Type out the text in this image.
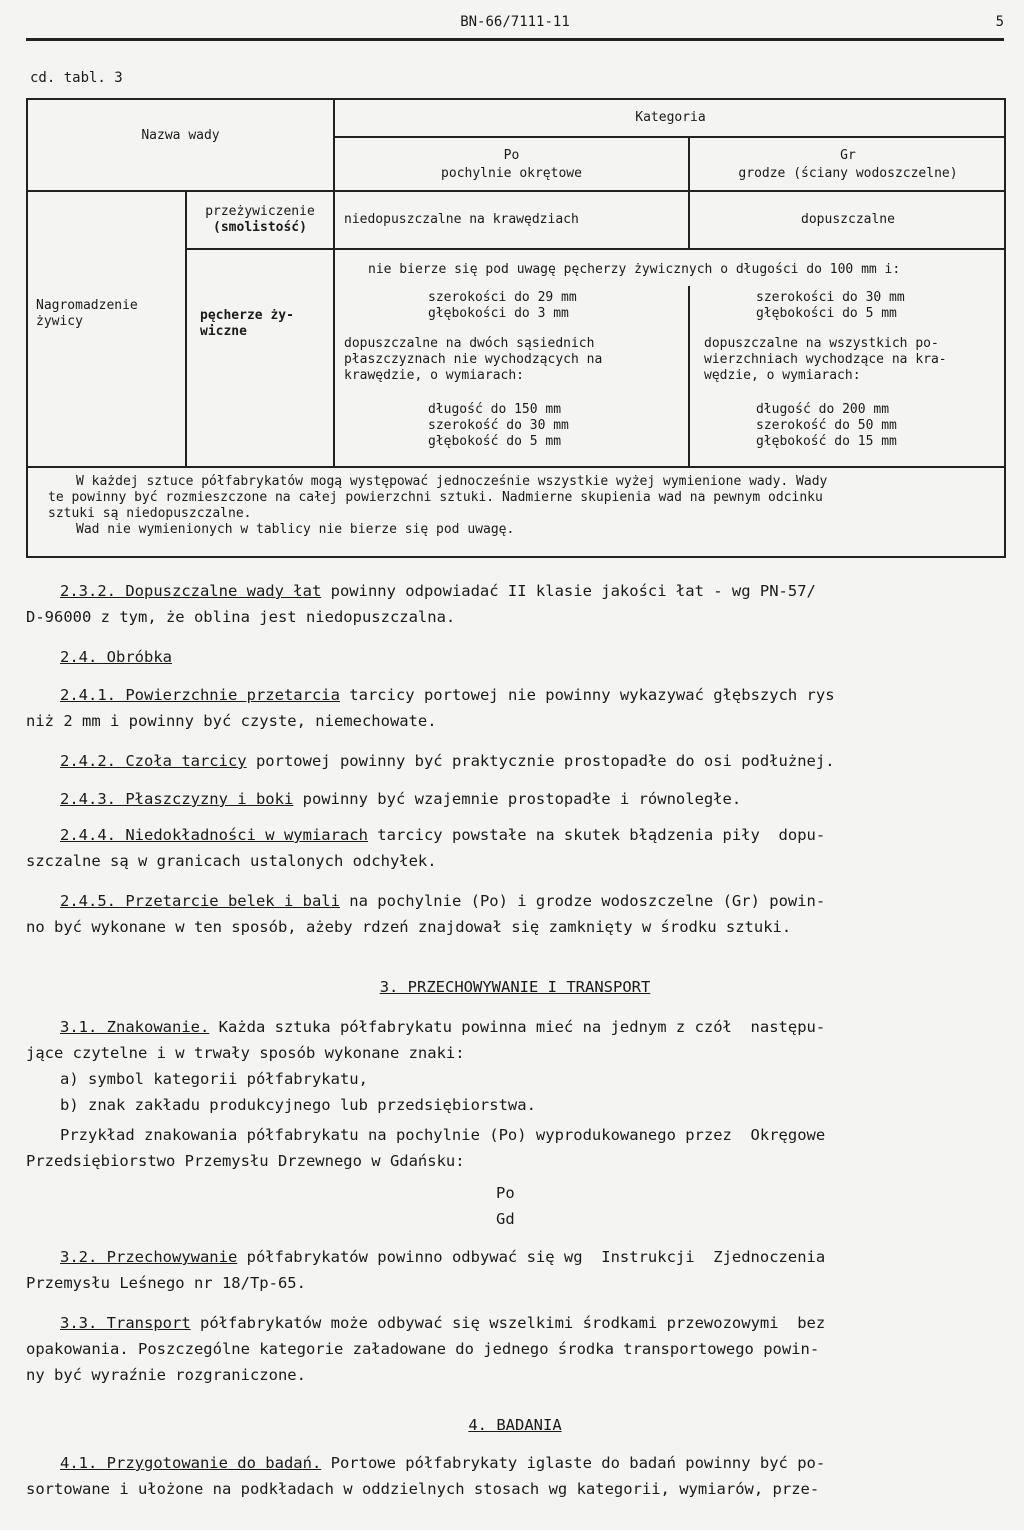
BN-66/7111-11	5
cd. tabl. 3
Nazwa wady
Kategoria
Po
pochylnie okrętowe
Gr
grodze (ściany wodoszczelne)
Nagromadzenie
żywicy
przeżywiczenie
(smolistość)
niedopuszczalne na krawędziach	dopuszczalne
pęcherze ży-
wiczne
nie bierze się pod uwagę pęcherzy żywicznych o długości do 100 mm i:
szerokości do 29 mm
głębokości do 3 mm
szerokości do 30 mm
głębokości do 5 mm
dopuszczalne na dwóch sąsiednich
płaszczyznach nie wychodzących na
krawędzie, o wymiarach:
dopuszczalne na wszystkich po-
wierzchniach wychodzące na kra-
wędzie, o wymiarach:
długość do 150 mm
szerokość do 30 mm
głębokość do 5 mm
długość do 200 mm
szerokość do 50 mm
głębokość do 15 mm
W każdej sztuce półfabrykatów mogą występować jednocześnie wszystkie wyżej wymienione wady. Wady
te powinny być rozmieszczone na całej powierzchni sztuki. Nadmierne skupienia wad na pewnym odcinku
sztuki są niedopuszczalne.
Wad nie wymienionych w tablicy nie bierze się pod uwagę.

2.3.2. Dopuszczalne wady łat powinny odpowiadać II klasie jakości łat - wg PN-57/

D-96000 z tym, że oblina jest niedopuszczalna.

2.4. Obróbka

2.4.1. Powierzchnie przetarcia tarcicy portowej nie powinny wykazywać głębszych rys

niż 2 mm i powinny być czyste, niemechowate.

2.4.2. Czoła tarcicy portowej powinny być praktycznie prostopadłe do osi podłużnej.

2.4.3. Płaszczyzny i boki powinny być wzajemnie prostopadłe i równoległe.

2.4.4. Niedokładności w wymiarach tarcicy powstałe na skutek błądzenia piły  dopu-

szczalne są w granicach ustalonych odchyłek.

2.4.5. Przetarcie belek i bali na pochylnie (Po) i grodze wodoszczelne (Gr) powin-

no być wykonane w ten sposób, ażeby rdzeń znajdował się zamknięty w środku sztuki.

3. PRZECHOWYWANIE I TRANSPORT

3.1. Znakowanie. Każda sztuka półfabrykatu powinna mieć na jednym z czół  następu-

jące czytelne i w trwały sposób wykonane znaki:

a) symbol kategorii półfabrykatu,

b) znak zakładu produkcyjnego lub przedsiębiorstwa.

Przykład znakowania półfabrykatu na pochylnie (Po) wyprodukowanego przez  Okręgowe

Przedsiębiorstwo Przemysłu Drzewnego w Gdańsku:

Po

Gd

3.2. Przechowywanie półfabrykatów powinno odbywać się wg  Instrukcji  Zjednoczenia

Przemysłu Leśnego nr 18/Tp-65.

3.3. Transport półfabrykatów może odbywać się wszelkimi środkami przewozowymi  bez

opakowania. Poszczególne kategorie załadowane do jednego środka transportowego powin-

ny być wyraźnie rozgraniczone.

4. BADANIA

4.1. Przygotowanie do badań. Portowe półfabrykaty iglaste do badań powinny być po-

sortowane i ułożone na podkładach w oddzielnych stosach wg kategorii, wymiarów, prze-
